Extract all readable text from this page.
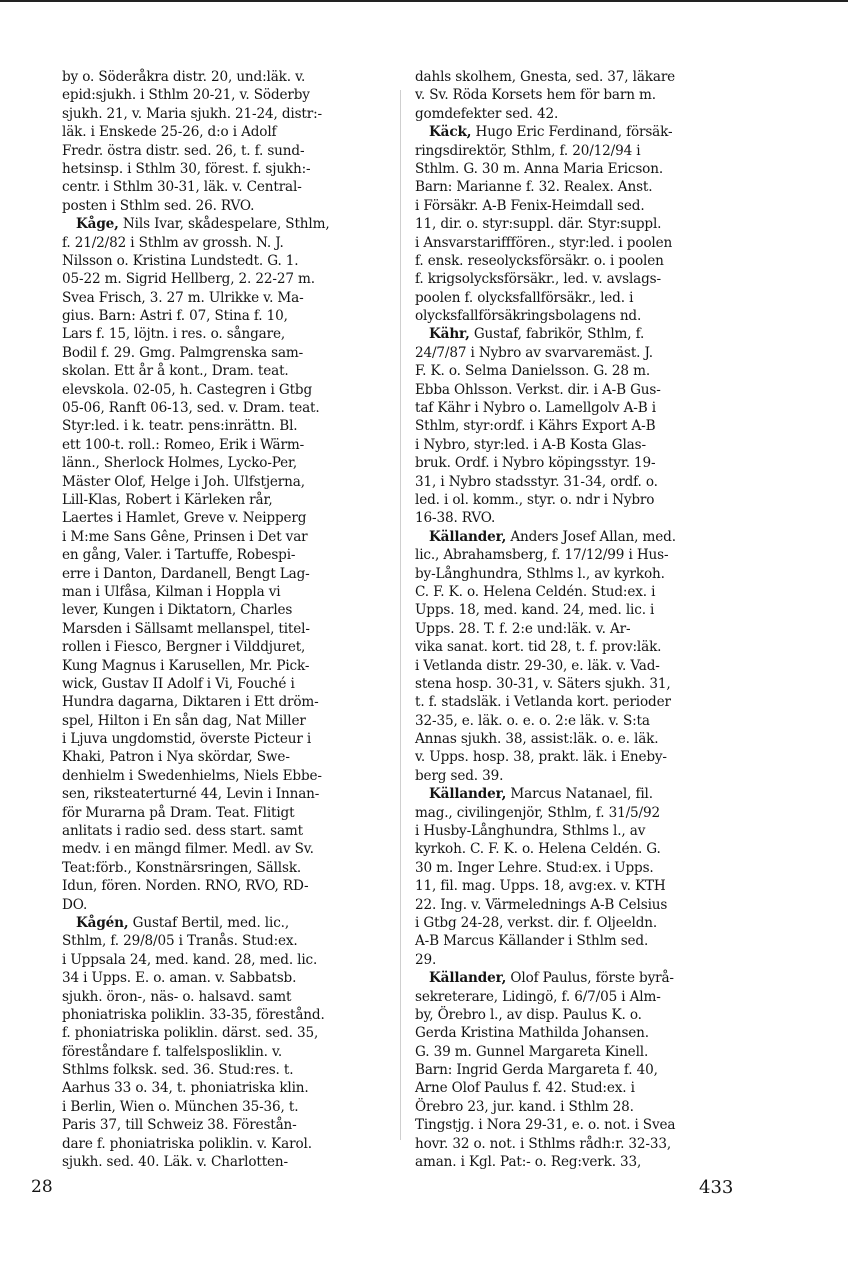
by o. Söderåkra distr. 20, und:läk. v.
epid:sjukh. i Sthlm 20-21, v. Söderby
sjukh. 21, v. Maria sjukh. 21-24, distr:-
läk. i Enskede 25-26, d:o i Adolf
Fredr. östra distr. sed. 26, t. f. sund-
hetsinsp. i Sthlm 30, förest. f. sjukh:-
centr. i Sthlm 30-31, läk. v. Central-
posten i Sthlm sed. 26. RVO.
Kåge, Nils Ivar, skådespelare, Sthlm,
f. 21/2/82 i Sthlm av grossh. N. J.
Nilsson o. Kristina Lundstedt. G. 1.
05-22 m. Sigrid Hellberg, 2. 22-27 m.
Svea Frisch, 3. 27 m. Ulrikke v. Ma-
gius. Barn: Astri f. 07, Stina f. 10,
Lars f. 15, löjtn. i res. o. sångare,
Bodil f. 29. Gmg. Palmgrenska sam-
skolan. Ett år å kont., Dram. teat.
elevskola. 02-05, h. Castegren i Gtbg
05-06, Ranft 06-13, sed. v. Dram. teat.
Styr:led. i k. teatr. pens:inrättn. Bl.
ett 100-t. roll.: Romeo, Erik i Wärm-
länn., Sherlock Holmes, Lycko-Per,
Mäster Olof, Helge i Joh. Ulfstjerna,
Lill-Klas, Robert i Kärleken rår,
Laertes i Hamlet, Greve v. Neipperg
i M:me Sans Gêne, Prinsen i Det var
en gång, Valer. i Tartuffe, Robespi-
erre i Danton, Dardanell, Bengt Lag-
man i Ulfåsa, Kilman i Hoppla vi
lever, Kungen i Diktatorn, Charles
Marsden i Sällsamt mellanspel, titel-
rollen i Fiesco, Bergner i Vilddjuret,
Kung Magnus i Karusellen, Mr. Pick-
wick, Gustav II Adolf i Vi, Fouché i
Hundra dagarna, Diktaren i Ett dröm-
spel, Hilton i En sån dag, Nat Miller
i Ljuva ungdomstid, överste Picteur i
Khaki, Patron i Nya skördar, Swe-
denhielm i Swedenhielms, Niels Ebbe-
sen, riksteaterturné 44, Levin i Innan-
för Murarna på Dram. Teat. Flitigt
anlitats i radio sed. dess start. samt
medv. i en mängd filmer. Medl. av Sv.
Teat:förb., Konstnärsringen, Sällsk.
Idun, fören. Norden. RNO, RVO, RD-
DO.
Kågén, Gustaf Bertil, med. lic.,
Sthlm, f. 29/8/05 i Tranås. Stud:ex.
i Uppsala 24, med. kand. 28, med. lic.
34 i Upps. E. o. aman. v. Sabbatsb.
sjukh. öron-, näs- o. halsavd. samt
phoniatriska poliklin. 33-35, förestånd.
f. phoniatriska poliklin. därst. sed. 35,
föreståndare f. talfelsposliklin. v.
Sthlms folksk. sed. 36. Stud:res. t.
Aarhus 33 o. 34, t. phoniatriska klin.
i Berlin, Wien o. München 35-36, t.
Paris 37, till Schweiz 38. Förestån-
dare f. phoniatriska poliklin. v. Karol.
sjukh. sed. 40. Läk. v. Charlotten-
dahls skolhem, Gnesta, sed. 37, läkare
v. Sv. Röda Korsets hem för barn m.
gomdefekter sed. 42.
Käck, Hugo Eric Ferdinand, försäk-
ringsdirektör, Sthlm, f. 20/12/94 i
Sthlm. G. 30 m. Anna Maria Ericson.
Barn: Marianne f. 32. Realex. Anst.
i Försäkr. A-B Fenix-Heimdall sed.
11, dir. o. styr:suppl. där. Styr:suppl.
i Ansvarstarifffören., styr:led. i poolen
f. ensk. reseolycksförsäkr. o. i poolen
f. krigsolycksförsäkr., led. v. avslags-
poolen f. olycksfallförsäkr., led. i
olycksfallförsäkringsbolagens nd.
Kähr, Gustaf, fabrikör, Sthlm, f.
24/7/87 i Nybro av svarvaremäst. J.
F. K. o. Selma Danielsson. G. 28 m.
Ebba Ohlsson. Verkst. dir. i A-B Gus-
taf Kähr i Nybro o. Lamellgolv A-B i
Sthlm, styr:ordf. i Kährs Export A-B
i Nybro, styr:led. i A-B Kosta Glas-
bruk. Ordf. i Nybro köpingsstyr. 19-
31, i Nybro stadsstyr. 31-34, ordf. o.
led. i ol. komm., styr. o. ndr i Nybro
16-38. RVO.
Källander, Anders Josef Allan, med.
lic., Abrahamsberg, f. 17/12/99 i Hus-
by-Långhundra, Sthlms l., av kyrkoh.
C. F. K. o. Helena Celdén. Stud:ex. i
Upps. 18, med. kand. 24, med. lic. i
Upps. 28. T. f. 2:e und:läk. v. Ar-
vika sanat. kort. tid 28, t. f. prov:läk.
i Vetlanda distr. 29-30, e. läk. v. Vad-
stena hosp. 30-31, v. Säters sjukh. 31,
t. f. stadsläk. i Vetlanda kort. perioder
32-35, e. läk. o. e. o. 2:e läk. v. S:ta
Annas sjukh. 38, assist:läk. o. e. läk.
v. Upps. hosp. 38, prakt. läk. i Eneby-
berg sed. 39.
Källander, Marcus Natanael, fil.
mag., civilingenjör, Sthlm, f. 31/5/92
i Husby-Långhundra, Sthlms l., av
kyrkoh. C. F. K. o. Helena Celdén. G.
30 m. Inger Lehre. Stud:ex. i Upps.
11, fil. mag. Upps. 18, avg:ex. v. KTH
22. Ing. v. Värmelednings A-B Celsius
i Gtbg 24-28, verkst. dir. f. Oljeeldn.
A-B Marcus Källander i Sthlm sed.
29.
Källander, Olof Paulus, förste byrå-
sekreterare, Lidingö, f. 6/7/05 i Alm-
by, Örebro l., av disp. Paulus K. o.
Gerda Kristina Mathilda Johansen.
G. 39 m. Gunnel Margareta Kinell.
Barn: Ingrid Gerda Margareta f. 40,
Arne Olof Paulus f. 42. Stud:ex. i
Örebro 23, jur. kand. i Sthlm 28.
Tingstjg. i Nora 29-31, e. o. not. i Svea
hovr. 32 o. not. i Sthlms rådh:r. 32-33,
aman. i Kgl. Pat:- o. Reg:verk. 33,
28	433
